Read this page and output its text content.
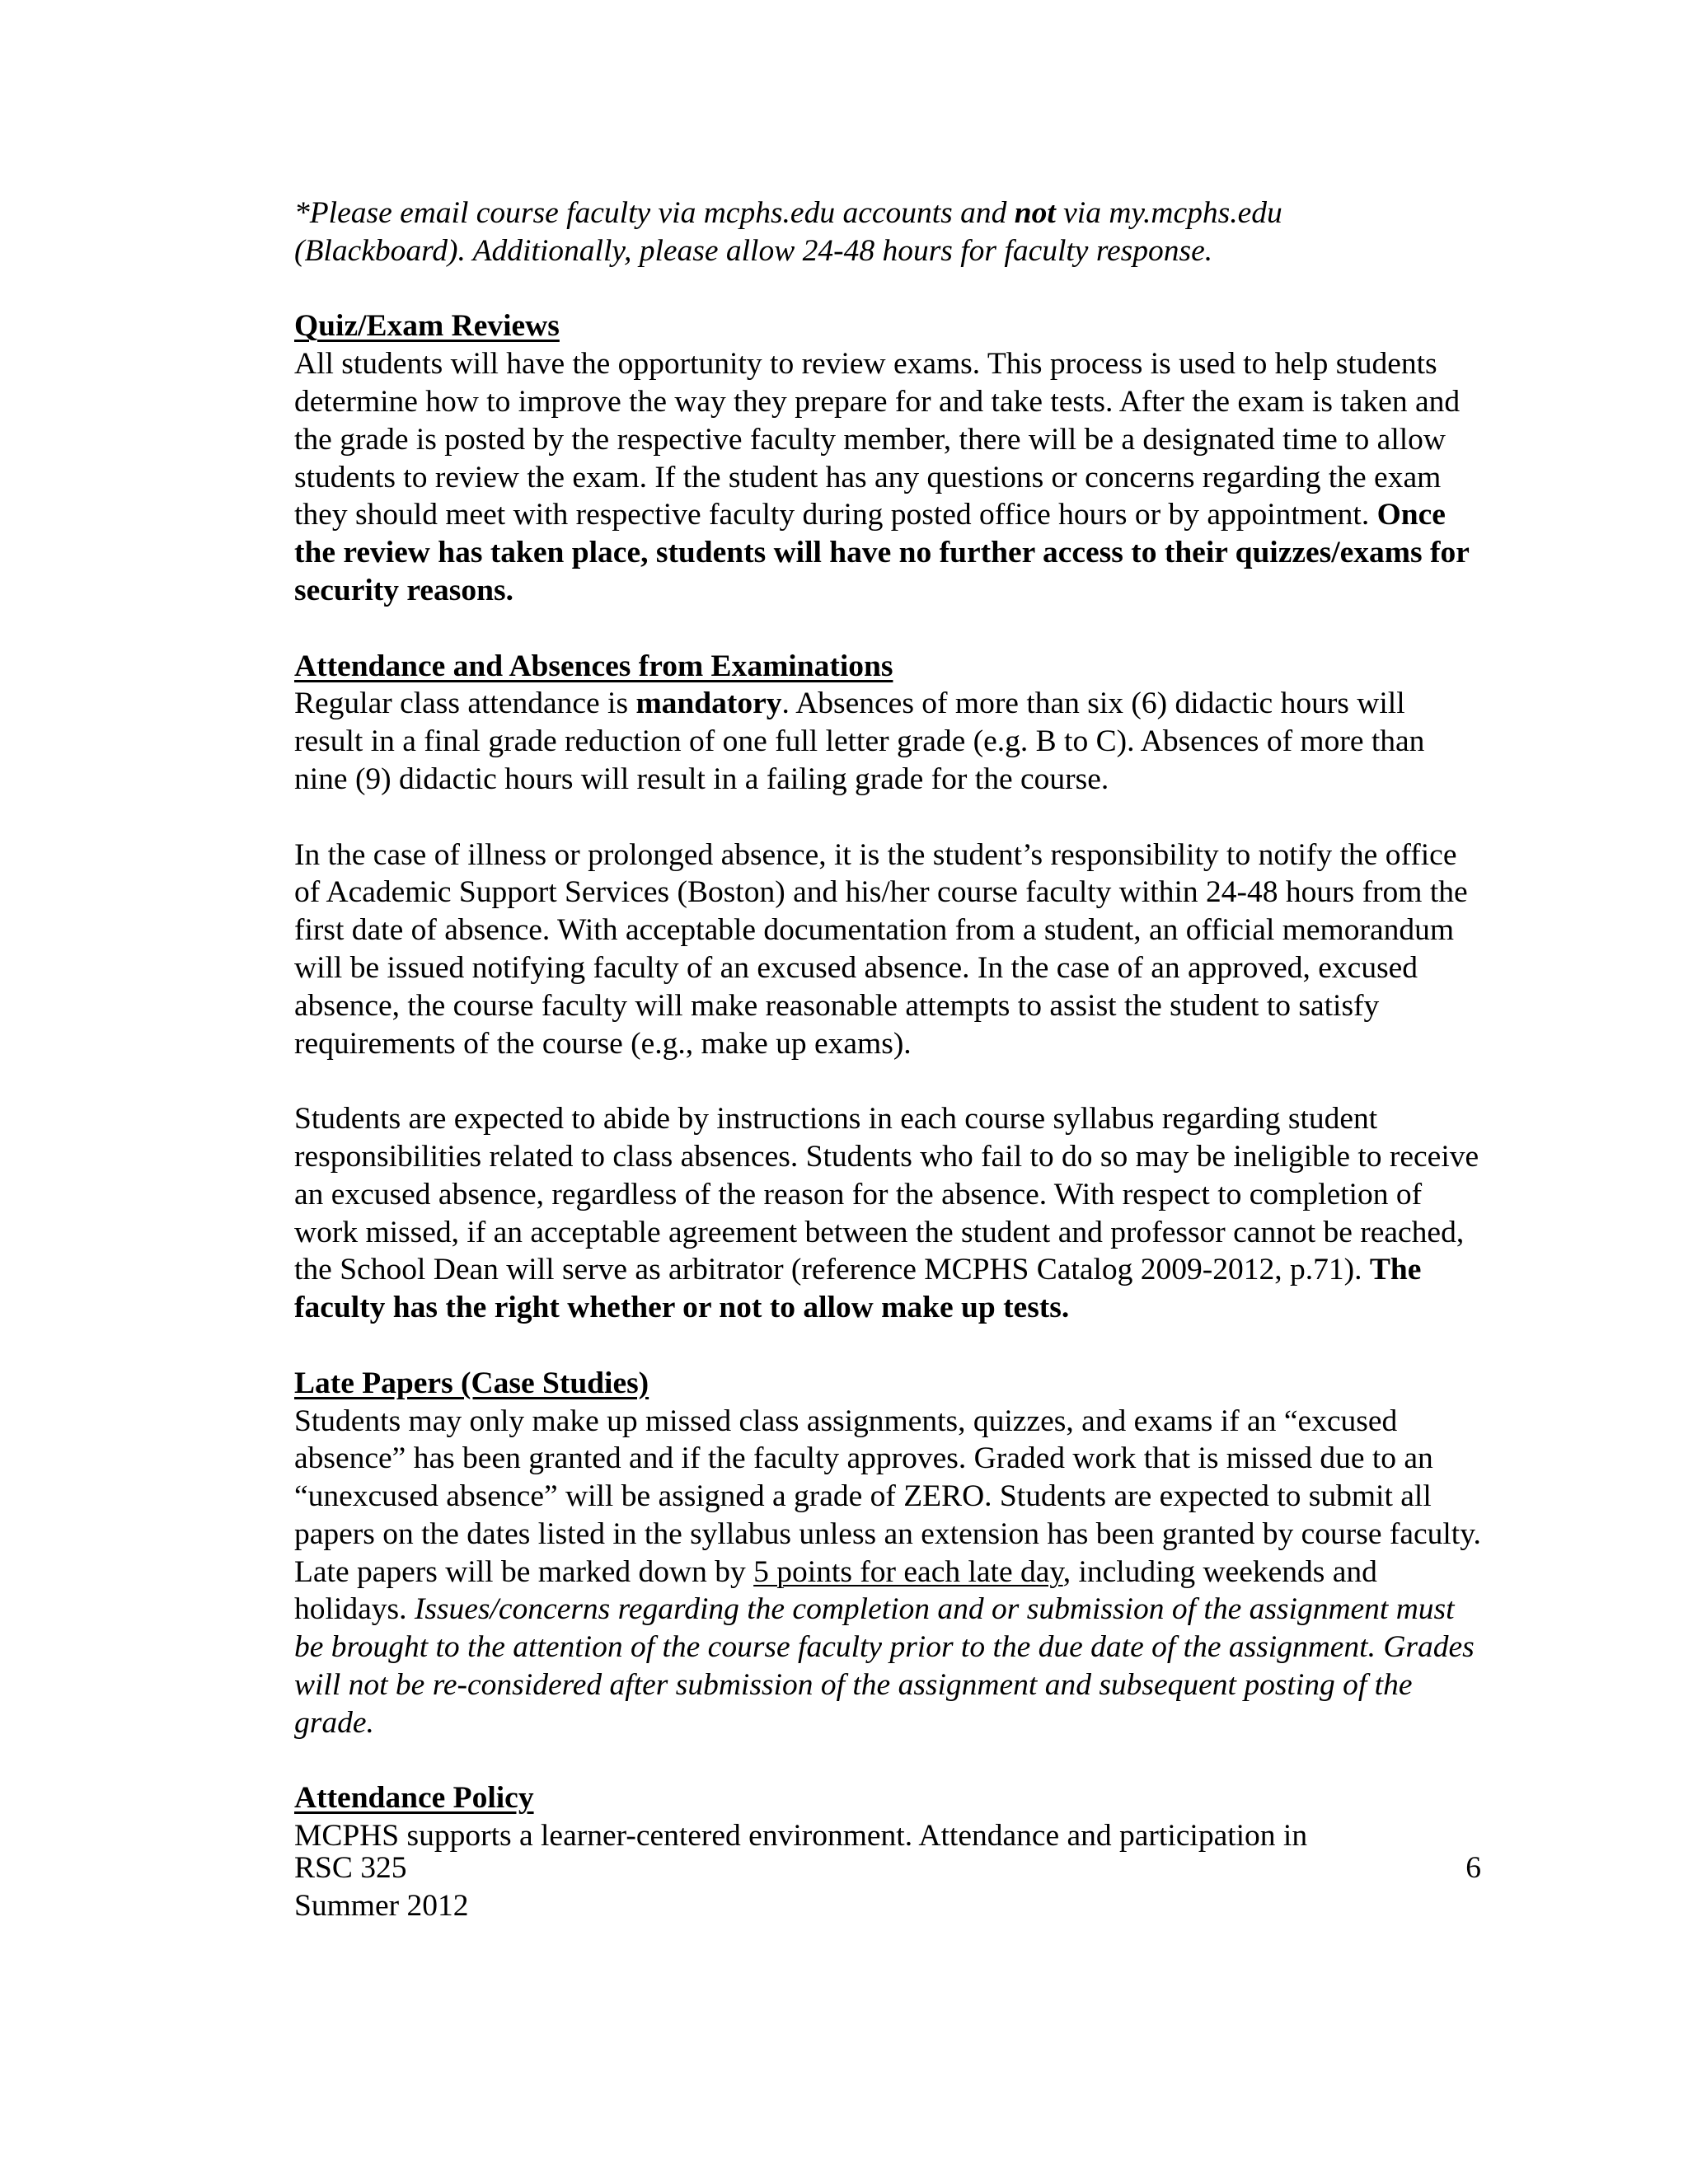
*Please email course faculty via mcphs.edu accounts and not via my.mcphs.edu
(Blackboard). Additionally, please allow 24-48 hours for faculty response.

Quiz/Exam Reviews
All students will have the opportunity to review exams. This process is used to help students determine how to improve the way they prepare for and take tests. After the exam is taken and the grade is posted by the respective faculty member, there will be a designated time to allow students to review the exam. If the student has any questions or concerns regarding the exam they should meet with respective faculty during posted office hours or by appointment. Once the review has taken place, students will have no further access to their quizzes/exams for security reasons.

Attendance and Absences from Examinations
Regular class attendance is mandatory. Absences of more than six (6) didactic hours will result in a final grade reduction of one full letter grade (e.g. B to C). Absences of more than nine (9) didactic hours will result in a failing grade for the course.

In the case of illness or prolonged absence, it is the student’s responsibility to notify the office of Academic Support Services (Boston) and his/her course faculty within 24-48 hours from the first date of absence. With acceptable documentation from a student, an official memorandum will be issued notifying faculty of an excused absence. In the case of an approved, excused absence, the course faculty will make reasonable attempts to assist the student to satisfy requirements of the course (e.g., make up exams).

Students are expected to abide by instructions in each course syllabus regarding student responsibilities related to class absences. Students who fail to do so may be ineligible to receive an excused absence, regardless of the reason for the absence. With respect to completion of work missed, if an acceptable agreement between the student and professor cannot be reached, the School Dean will serve as arbitrator (reference MCPHS Catalog 2009-2012, p.71). The faculty has the right whether or not to allow make up tests.

Late Papers (Case Studies)
Students may only make up missed class assignments, quizzes, and exams if an “excused absence” has been granted and if the faculty approves. Graded work that is missed due to an “unexcused absence” will be assigned a grade of ZERO. Students are expected to submit all papers on the dates listed in the syllabus unless an extension has been granted by course faculty. Late papers will be marked down by 5 points for each late day, including weekends and holidays. Issues/concerns regarding the completion and or submission of the assignment must be brought to the attention of the course faculty prior to the due date of the assignment. Grades will not be re-considered after submission of the assignment and subsequent posting of the grade.

Attendance Policy
MCPHS supports a learner-centered environment. Attendance and participation in

RSC 325
Summer 2012
6
